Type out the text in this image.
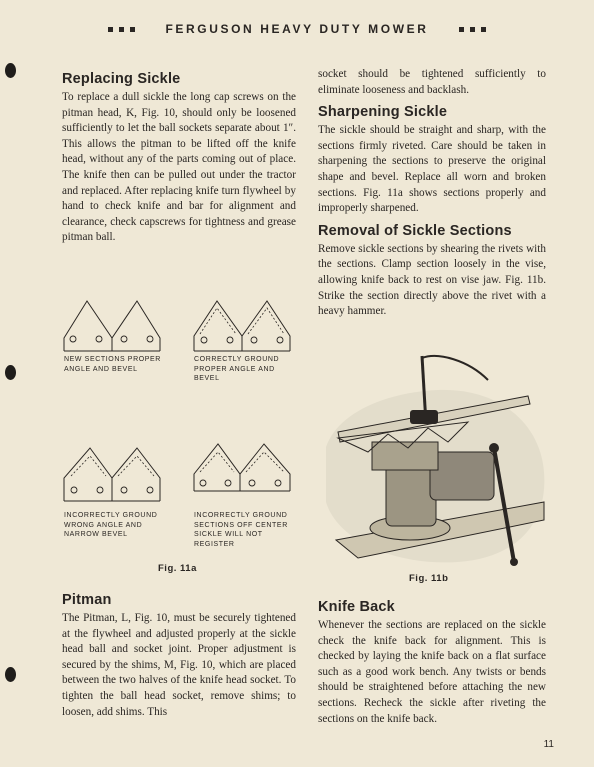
FERGUSON HEAVY DUTY MOWER
Replacing Sickle

To replace a dull sickle the long cap screws on the pitman head, K, Fig. 10, should only be loosened sufficiently to let the ball sockets separate about 1″. This allows the pitman to be lifted off the knife head, without any of the parts coming out of place. The knife then can be pulled out under the tractor and replaced. After replacing knife turn flywheel by hand to check knife and bar for alignment and clearance, check capscrews for tightness and grease pitman ball.

NEW SECTIONS PROPER ANGLE AND BEVEL
CORRECTLY GROUND PROPER ANGLE AND BEVEL
INCORRECTLY GROUND WRONG ANGLE AND NARROW BEVEL
INCORRECTLY GROUND SECTIONS OFF CENTER SICKLE WILL NOT REGISTER
Fig. 11a
Pitman

The Pitman, L, Fig. 10, must be securely tightened at the flywheel and adjusted properly at the sickle head ball and socket joint. Proper adjustment is secured by the shims, M, Fig. 10, which are placed between the two halves of the knife head socket. To tighten the ball head socket, remove shims; to loosen, add shims. This

socket should be tightened sufficiently to eliminate looseness and backlash.

Sharpening Sickle

The sickle should be straight and sharp, with the sections firmly riveted. Care should be taken in sharpening the sections to preserve the original shape and bevel. Replace all worn and broken sections. Fig. 11a shows sections properly and improperly sharpened.

Removal of Sickle Sections

Remove sickle sections by shearing the rivets with the sections. Clamp section loosely in the vise, allowing knife back to rest on vise jaw. Fig. 11b. Strike the section directly above the rivet with a heavy hammer.

Fig. 11b
Knife Back

Whenever the sections are replaced on the sickle check the knife back for alignment. This is checked by laying the knife back on a flat surface such as a good work bench. Any twists or bends should be straightened before attaching the new sections. Recheck the sickle after riveting the sections on the knife back.

11
